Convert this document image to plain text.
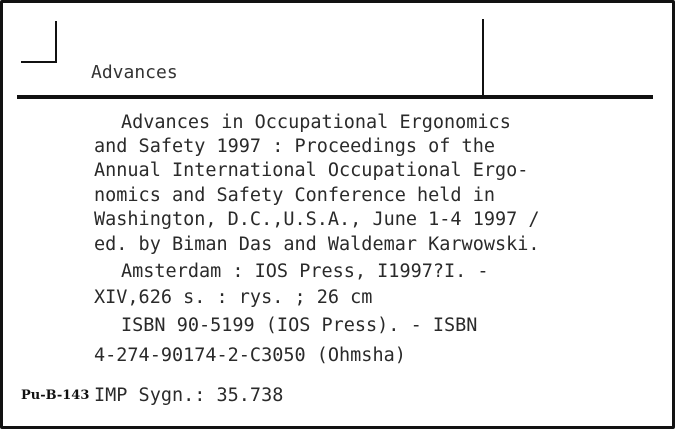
Advances
Advances in Occupational Ergonomics
and Safety 1997 : Proceedings of the
Annual International Occupational Ergo-
nomics and Safety Conference held in
Washington, D.C.,U.S.A., June 1-4 1997 /
ed. by Biman Das and Waldemar Karwowski.
Amsterdam : IOS Press, I1997?I. -
XIV,626 s. : rys. ; 26 cm
ISBN 90-5199 (IOS Press). - ISBN
4-274-90174-2-C3050 (Ohmsha)
Pu-B-143 IMP Sygn.: 35.738
